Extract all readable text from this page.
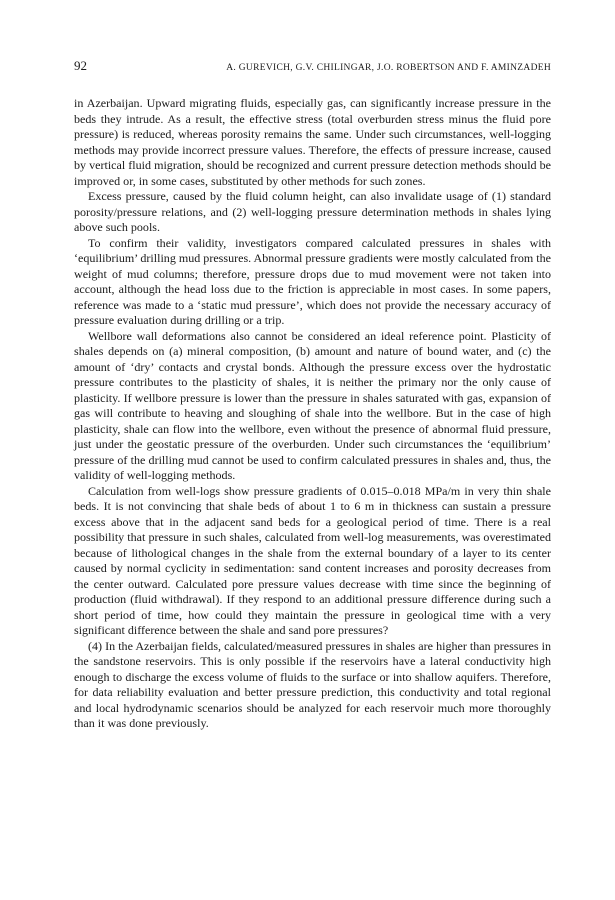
92	A. GUREVICH, G.V. CHILINGAR, J.O. ROBERTSON AND F. AMINZADEH

in Azerbaijan. Upward migrating fluids, especially gas, can significantly increase pressure in the beds they intrude. As a result, the effective stress (total overburden stress minus the fluid pore pressure) is reduced, whereas porosity remains the same. Under such circumstances, well-logging methods may provide incorrect pressure values. Therefore, the effects of pressure increase, caused by vertical fluid migration, should be recognized and current pressure detection methods should be improved or, in some cases, substituted by other methods for such zones.

Excess pressure, caused by the fluid column height, can also invalidate usage of (1) standard porosity/pressure relations, and (2) well-logging pressure determination methods in shales lying above such pools.

To confirm their validity, investigators compared calculated pressures in shales with ‘equilibrium’ drilling mud pressures. Abnormal pressure gradients were mostly calculated from the weight of mud columns; therefore, pressure drops due to mud movement were not taken into account, although the head loss due to the friction is appreciable in most cases. In some papers, reference was made to a ‘static mud pressure’, which does not provide the necessary accuracy of pressure evaluation during drilling or a trip.

Wellbore wall deformations also cannot be considered an ideal reference point. Plasticity of shales depends on (a) mineral composition, (b) amount and nature of bound water, and (c) the amount of ‘dry’ contacts and crystal bonds. Although the pressure excess over the hydrostatic pressure contributes to the plasticity of shales, it is neither the primary nor the only cause of plasticity. If wellbore pressure is lower than the pressure in shales saturated with gas, expansion of gas will contribute to heaving and sloughing of shale into the wellbore. But in the case of high plasticity, shale can flow into the wellbore, even without the presence of abnormal fluid pressure, just under the geostatic pressure of the overburden. Under such circumstances the ‘equilibrium’ pressure of the drilling mud cannot be used to confirm calculated pressures in shales and, thus, the validity of well-logging methods.

Calculation from well-logs show pressure gradients of 0.015–0.018 MPa/m in very thin shale beds. It is not convincing that shale beds of about 1 to 6 m in thickness can sustain a pressure excess above that in the adjacent sand beds for a geological period of time. There is a real possibility that pressure in such shales, calculated from well-log measurements, was overestimated because of lithological changes in the shale from the external boundary of a layer to its center caused by normal cyclicity in sedimentation: sand content increases and porosity decreases from the center outward. Calculated pore pressure values decrease with time since the beginning of production (fluid withdrawal). If they respond to an additional pressure difference during such a short period of time, how could they maintain the pressure in geological time with a very significant difference between the shale and sand pore pressures?

(4) In the Azerbaijan fields, calculated/measured pressures in shales are higher than pressures in the sandstone reservoirs. This is only possible if the reservoirs have a lateral conductivity high enough to discharge the excess volume of fluids to the surface or into shallow aquifers. Therefore, for data reliability evaluation and better pressure prediction, this conductivity and total regional and local hydrodynamic scenarios should be analyzed for each reservoir much more thoroughly than it was done previously.
